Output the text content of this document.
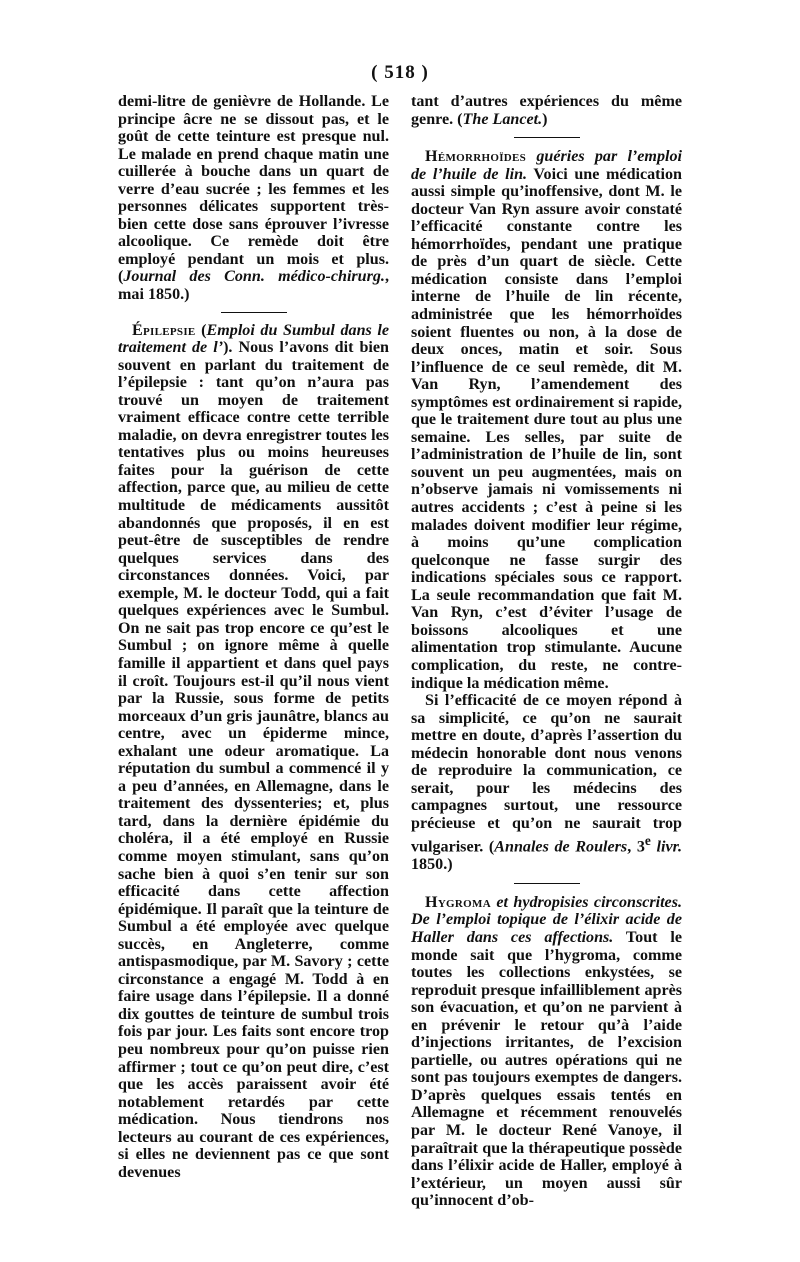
( 518 )

demi-litre de genièvre de Hollande. Le principe âcre ne se dissout pas, et le goût de cette teinture est presque nul. Le malade en prend chaque matin une cuillerée à bouche dans un quart de verre d’eau sucrée ; les femmes et les personnes délicates supportent très-bien cette dose sans éprouver l’ivresse alcoolique. Ce remède doit être employé pendant un mois et plus. (Journal des Conn. médico-chirurg., mai 1850.)

Épilepsie (Emploi du Sumbul dans le traitement de l’). Nous l’avons dit bien souvent en parlant du traitement de l’épilepsie : tant qu’on n’aura pas trouvé un moyen de traitement vraiment efficace contre cette terrible maladie, on devra enregistrer toutes les tentatives plus ou moins heureuses faites pour la guérison de cette affection, parce que, au milieu de cette multitude de médicaments aussitôt abandonnés que proposés, il en est peut-être de susceptibles de rendre quelques services dans des circonstances données. Voici, par exemple, M. le docteur Todd, qui a fait quelques expériences avec le Sumbul. On ne sait pas trop encore ce qu’est le Sumbul ; on ignore même à quelle famille il appartient et dans quel pays il croît. Toujours est-il qu’il nous vient par la Russie, sous forme de petits morceaux d’un gris jaunâtre, blancs au centre, avec un épiderme mince, exhalant une odeur aromatique. La réputation du sumbul a commencé il y a peu d’années, en Allemagne, dans le traitement des dyssenteries; et, plus tard, dans la dernière épidémie du choléra, il a été employé en Russie comme moyen stimulant, sans qu’on sache bien à quoi s’en tenir sur son efficacité dans cette affection épidémique. Il paraît que la teinture de Sumbul a été employée avec quelque succès, en Angleterre, comme antispasmodique, par M. Savory ; cette circonstance a engagé M. Todd à en faire usage dans l’épilepsie. Il a donné dix gouttes de teinture de sumbul trois fois par jour. Les faits sont encore trop peu nombreux pour qu’on puisse rien affirmer ; tout ce qu’on peut dire, c’est que les accès paraissent avoir été notablement retardés par cette médication. Nous tiendrons nos lecteurs au courant de ces expériences, si elles ne deviennent pas ce que sont devenues

tant d’autres expériences du même genre. (The Lancet.)

Hémorrhoïdes guéries par l’emploi de l’huile de lin. Voici une médication aussi simple qu’inoffensive, dont M. le docteur Van Ryn assure avoir constaté l’efficacité constante contre les hémorrhoïdes, pendant une pratique de près d’un quart de siècle. Cette médication consiste dans l’emploi interne de l’huile de lin récente, administrée que les hémorrhoïdes soient fluentes ou non, à la dose de deux onces, matin et soir. Sous l’influence de ce seul remède, dit M. Van Ryn, l’amendement des symptômes est ordinairement si rapide, que le traitement dure tout au plus une semaine. Les selles, par suite de l’administration de l’huile de lin, sont souvent un peu augmentées, mais on n’observe jamais ni vomissements ni autres accidents ; c’est à peine si les malades doivent modifier leur régime, à moins qu’une complication quelconque ne fasse surgir des indications spéciales sous ce rapport. La seule recommandation que fait M. Van Ryn, c’est d’éviter l’usage de boissons alcooliques et une alimentation trop stimulante. Aucune complication, du reste, ne contre-indique la médication même.

Si l’efficacité de ce moyen répond à sa simplicité, ce qu’on ne saurait mettre en doute, d’après l’assertion du médecin honorable dont nous venons de reproduire la communication, ce serait, pour les médecins des campagnes surtout, une ressource précieuse et qu’on ne saurait trop vulgariser. (Annales de Roulers, 3e livr. 1850.)

Hygroma et hydropisies circonscrites. De l’emploi topique de l’élixir acide de Haller dans ces affections. Tout le monde sait que l’hygroma, comme toutes les collections enkystées, se reproduit presque infailliblement après son évacuation, et qu’on ne parvient à en prévenir le retour qu’à l’aide d’injections irritantes, de l’excision partielle, ou autres opérations qui ne sont pas toujours exemptes de dangers. D’après quelques essais tentés en Allemagne et récemment renouvelés par M. le docteur René Vanoye, il paraîtrait que la thérapeutique possède dans l’élixir acide de Haller, employé à l’extérieur, un moyen aussi sûr qu’innocent d’ob-
